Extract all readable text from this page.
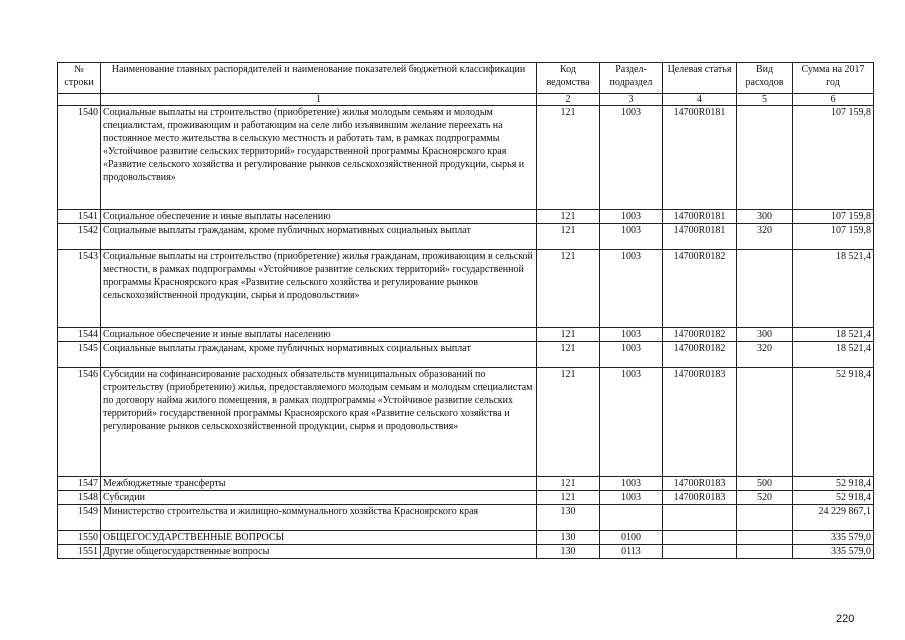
№ строки	Наименование главных распорядителей и наименование показателей бюджетной классификации	Код ведомства	Раздел-подраздел	Целевая статья	Вид расходов	Сумма на 2017 год
	1	2	3	4	5	6
1540	Социальные выплаты на строительство (приобретение) жилья молодым семьям и молодым специалистам, проживающим и работающим на селе либо изъявившим желание переехать на постоянное место жительства в сельскую местность и работать там, в рамках подпрограммы «Устойчивое развитие сельских территорий» государственной программы Красноярского края «Развитие сельского хозяйства и регулирование рынков сельскохозяйственной продукции, сырья и продовольствия»	121	1003	14700R0181		107 159,8
1541	Социальное обеспечение и иные выплаты населению	121	1003	14700R0181	300	107 159,8
1542	Социальные выплаты гражданам, кроме публичных нормативных социальных выплат	121	1003	14700R0181	320	107 159,8
1543	Социальные выплаты на строительство (приобретение) жилья гражданам, проживающим в сельской местности, в рамках подпрограммы «Устойчивое развитие сельских территорий» государственной программы Красноярского края «Развитие сельского хозяйства и регулирование рынков сельскохозяйственной продукции, сырья и продовольствия»	121	1003	14700R0182		18 521,4
1544	Социальное обеспечение и иные выплаты населению	121	1003	14700R0182	300	18 521,4
1545	Социальные выплаты гражданам, кроме публичных нормативных социальных выплат	121	1003	14700R0182	320	18 521,4
1546	Субсидии на софинансирование расходных обязательств муниципальных образований по строительству (приобретению) жилья, предоставляемого молодым семьям и молодым специалистам по договору найма жилого помещения, в рамках подпрограммы «Устойчивое развитие сельских территорий» государственной программы Красноярского края «Развитие сельского хозяйства и регулирование рынков сельскохозяйственной продукции, сырья и продовольствия»	121	1003	14700R0183		52 918,4
1547	Межбюджетные трансферты	121	1003	14700R0183	500	52 918,4
1548	Субсидии	121	1003	14700R0183	520	52 918,4
1549	Министерство строительства и жилищно-коммунального хозяйства Красноярского края	130				24 229 867,1
1550	ОБЩЕГОСУДАРСТВЕННЫЕ ВОПРОСЫ	130	0100			335 579,0
1551	Другие общегосударственные вопросы	130	0113			335 579,0
220
